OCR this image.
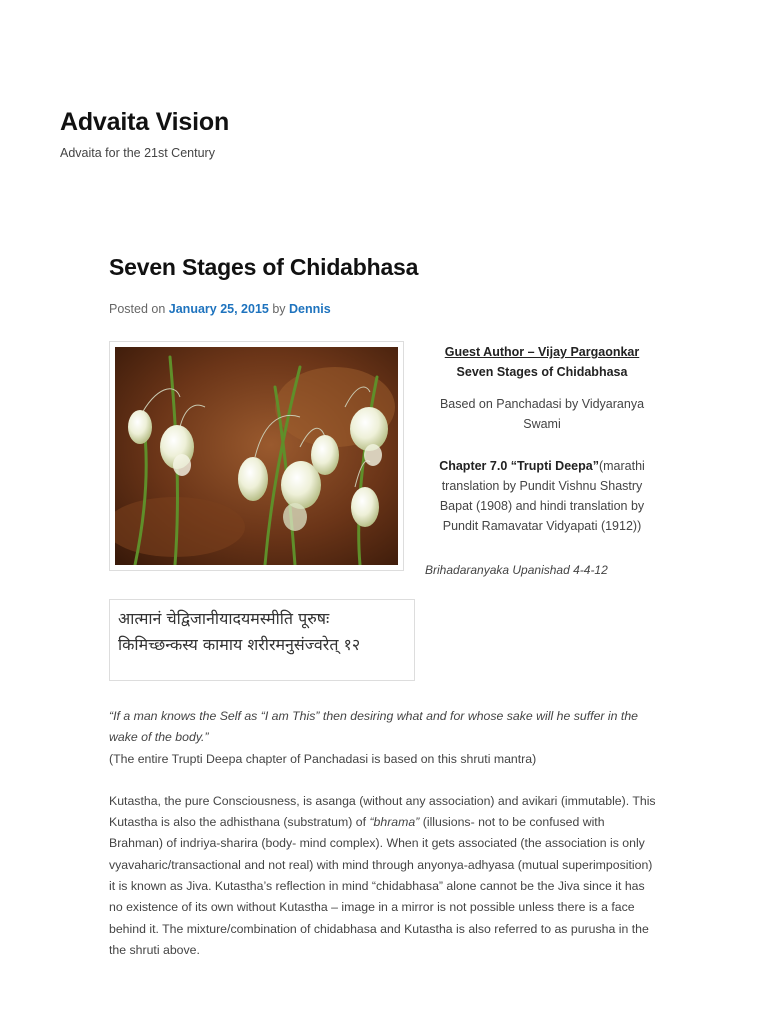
Advaita Vision
Advaita for the 21st Century
Seven Stages of Chidabhasa
Posted on January 25, 2015 by Dennis

Guest Author – Vijay Pargaonkar

Seven Stages of Chidabhasa

Based on Panchadasi by Vidyaranya Swami

Chapter 7.0 “Trupti Deepa”(marathi translation by Pundit Vishnu Shastry Bapat (1908) and hindi translation by Pundit Ramavatar Vidyapati (1912))

Brihadaranyaka Upanishad 4-4-12
आत्मानं चेद्विजानीयादयमस्मीति पूरुषः
किमिच्छन्कस्य कामाय शरीरमनुसंज्वरेत् १२

“If a man knows the Self as “I am This” then desiring what and for whose sake will he suffer in the wake of the body.”

(The entire Trupti Deepa chapter of Panchadasi is based on this shruti mantra)

Kutastha, the pure Consciousness, is asanga (without any association) and avikari (immutable). This Kutastha is also the adhisthana (substratum) of “bhrama” (illusions- not to be confused with Brahman) of indriya-sharira (body- mind complex). When it gets associated (the association is only vyavaharic/transactional and not real) with mind through anyonya-adhyasa (mutual superimposition) it is known as Jiva. Kutastha’s reflection in mind “chidabhasa” alone cannot be the Jiva since it has no existence of its own without Kutastha – image in a mirror is not possible unless there is a face behind it. The mixture/combination of chidabhasa and Kutastha is also referred to as purusha in the the shruti above.
